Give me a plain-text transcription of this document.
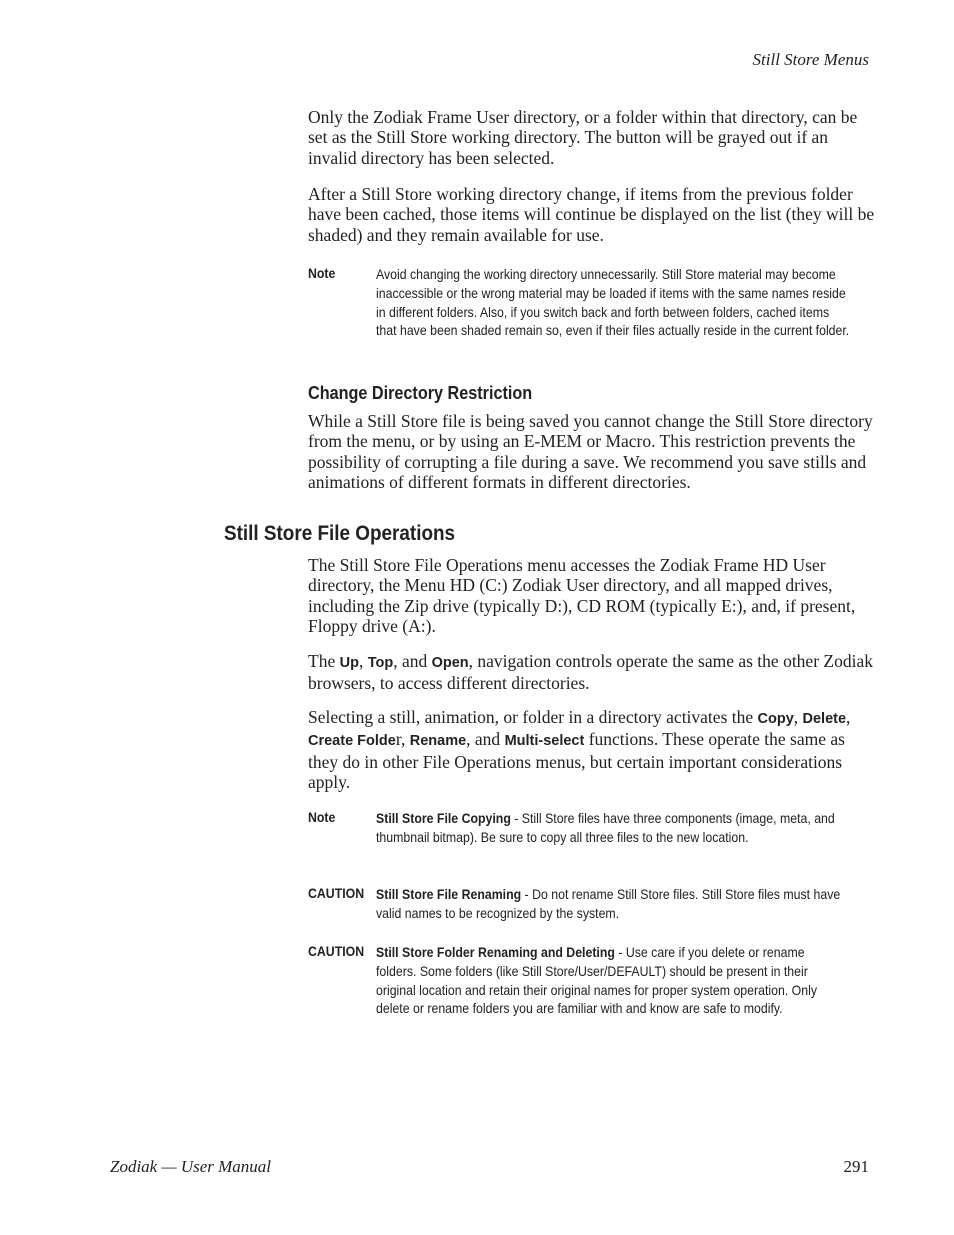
Still Store Menus

Only the Zodiak Frame User directory, or a folder within that directory, can be set as the Still Store working directory. The button will be grayed out if an invalid directory has been selected.

After a Still Store working directory change, if items from the previous folder have been cached, those items will continue be displayed on the list (they will be shaded) and they remain available for use.

Note	Avoid changing the working directory unnecessarily. Still Store material may become inaccessible or the wrong material may be loaded if items with the same names reside in different folders. Also, if you switch back and forth between folders, cached items that have been shaded remain so, even if their files actually reside in the current folder.

Change Directory Restriction

While a Still Store file is being saved you cannot change the Still Store directory from the menu, or by using an E-MEM or Macro. This restriction prevents the possibility of corrupting a file during a save. We recommend you save stills and animations of different formats in different directories.

Still Store File Operations

The Still Store File Operations menu accesses the Zodiak Frame HD User directory, the Menu HD (C:) Zodiak User directory, and all mapped drives, including the Zip drive (typically D:), CD ROM (typically E:), and, if present, Floppy drive (A:).

The Up, Top, and Open, navigation controls operate the same as the other Zodiak browsers, to access different directories.

Selecting a still, animation, or folder in a directory activates the Copy, Delete, Create Folder, Rename, and Multi-select functions. These operate the same as they do in other File Operations menus, but certain important considerations apply.

Note	Still Store File Copying - Still Store files have three components (image, meta, and thumbnail bitmap). Be sure to copy all three files to the new location.

CAUTION Still Store File Renaming - Do not rename Still Store files. Still Store files must have valid names to be recognized by the system.

CAUTION Still Store Folder Renaming and Deleting - Use care if you delete or rename folders. Some folders (like Still Store/User/DEFAULT) should be present in their original location and retain their original names for proper system operation. Only delete or rename folders you are familiar with and know are safe to modify.

Zodiak — User Manual	291
